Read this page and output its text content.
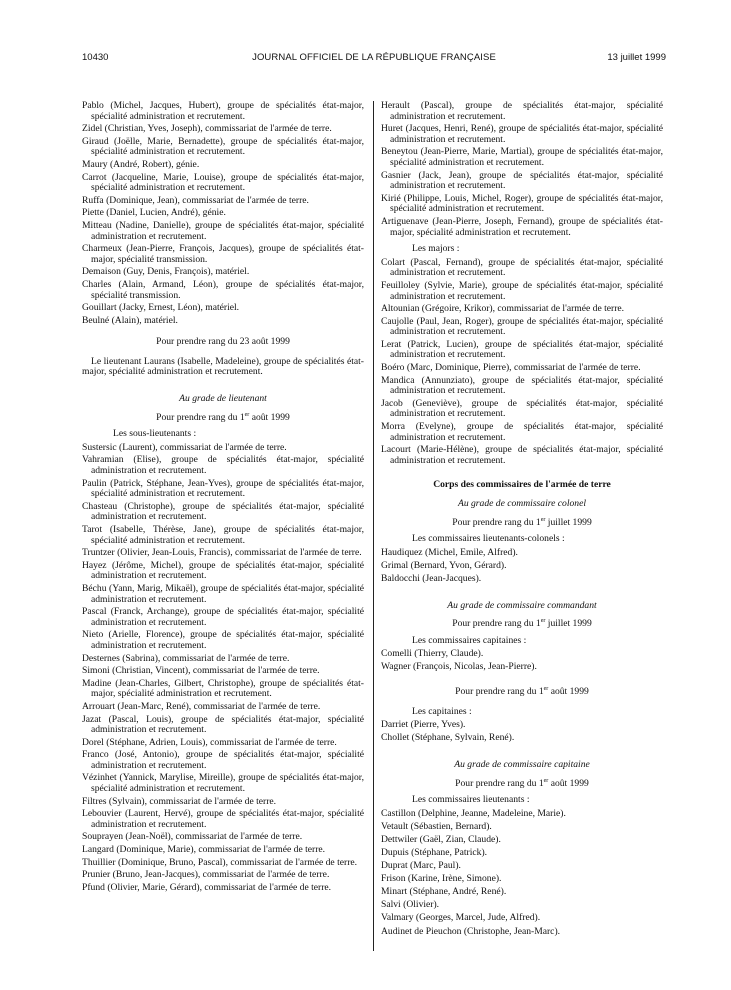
10430	JOURNAL OFFICIEL DE LA RÉPUBLIQUE FRANÇAISE	13 juillet 1999

Pablo (Michel, Jacques, Hubert), groupe de spécialités état-major, spécialité administration et recrutement.

Zidel (Christian, Yves, Joseph), commissariat de l'armée de terre.

Giraud (Joëlle, Marie, Bernadette), groupe de spécialités état-major, spécialité administration et recrutement.

Maury (André, Robert), génie.

Carrot (Jacqueline, Marie, Louise), groupe de spécialités état-major, spécialité administration et recrutement.

Ruffa (Dominique, Jean), commissariat de l'armée de terre.

Piette (Daniel, Lucien, André), génie.

Mitteau (Nadine, Danielle), groupe de spécialités état-major, spécialité administration et recrutement.

Charmeux (Jean-Pierre, François, Jacques), groupe de spécialités état-major, spécialité transmission.

Demaison (Guy, Denis, François), matériel.

Charles (Alain, Armand, Léon), groupe de spécialités état-major, spécialité transmission.

Gouillart (Jacky, Ernest, Léon), matériel.

Beulné (Alain), matériel.

Pour prendre rang du 23 août 1999

Le lieutenant Laurans (Isabelle, Madeleine), groupe de spécialités état-major, spécialité administration et recrutement.

Au grade de lieutenant

Pour prendre rang du 1er août 1999

Les sous-lieutenants :

Sustersic (Laurent), commissariat de l'armée de terre.

Vahramian (Elise), groupe de spécialités état-major, spécialité administration et recrutement.

Paulin (Patrick, Stéphane, Jean-Yves), groupe de spécialités état-major, spécialité administration et recrutement.

Chasteau (Christophe), groupe de spécialités état-major, spécialité administration et recrutement.

Tarot (Isabelle, Thérèse, Jane), groupe de spécialités état-major, spécialité administration et recrutement.

Truntzer (Olivier, Jean-Louis, Francis), commissariat de l'armée de terre.

Hayez (Jérôme, Michel), groupe de spécialités état-major, spécialité administration et recrutement.

Béchu (Yann, Marig, Mikaël), groupe de spécialités état-major, spécialité administration et recrutement.

Pascal (Franck, Archange), groupe de spécialités état-major, spécialité administration et recrutement.

Nieto (Arielle, Florence), groupe de spécialités état-major, spécialité administration et recrutement.

Desternes (Sabrina), commissariat de l'armée de terre.

Simoni (Christian, Vincent), commissariat de l'armée de terre.

Madine (Jean-Charles, Gilbert, Christophe), groupe de spécialités état-major, spécialité administration et recrutement.

Arrouart (Jean-Marc, René), commissariat de l'armée de terre.

Jazat (Pascal, Louis), groupe de spécialités état-major, spécialité administration et recrutement.

Dorel (Stéphane, Adrien, Louis), commissariat de l'armée de terre.

Franco (José, Antonio), groupe de spécialités état-major, spécialité administration et recrutement.

Vézinhet (Yannick, Marylise, Mireille), groupe de spécialités état-major, spécialité administration et recrutement.

Filtres (Sylvain), commissariat de l'armée de terre.

Lebouvier (Laurent, Hervé), groupe de spécialités état-major, spécialité administration et recrutement.

Souprayen (Jean-Noël), commissariat de l'armée de terre.

Langard (Dominique, Marie), commissariat de l'armée de terre.

Thuillier (Dominique, Bruno, Pascal), commissariat de l'armée de terre.

Prunier (Bruno, Jean-Jacques), commissariat de l'armée de terre.

Pfund (Olivier, Marie, Gérard), commissariat de l'armée de terre.

Herault (Pascal), groupe de spécialités état-major, spécialité administration et recrutement.

Huret (Jacques, Henri, René), groupe de spécialités état-major, spécialité administration et recrutement.

Beneytou (Jean-Pierre, Marie, Martial), groupe de spécialités état-major, spécialité administration et recrutement.

Gasnier (Jack, Jean), groupe de spécialités état-major, spécialité administration et recrutement.

Kirié (Philippe, Louis, Michel, Roger), groupe de spécialités état-major, spécialité administration et recrutement.

Artiguenave (Jean-Pierre, Joseph, Fernand), groupe de spécialités état-major, spécialité administration et recrutement.

Les majors :

Colart (Pascal, Fernand), groupe de spécialités état-major, spécialité administration et recrutement.

Feuilloley (Sylvie, Marie), groupe de spécialités état-major, spécialité administration et recrutement.

Altounian (Grégoire, Krikor), commissariat de l'armée de terre.

Caujolle (Paul, Jean, Roger), groupe de spécialités état-major, spécialité administration et recrutement.

Lerat (Patrick, Lucien), groupe de spécialités état-major, spécialité administration et recrutement.

Boéro (Marc, Dominique, Pierre), commissariat de l'armée de terre.

Mandica (Annunziato), groupe de spécialités état-major, spécialité administration et recrutement.

Jacob (Geneviève), groupe de spécialités état-major, spécialité administration et recrutement.

Morra (Evelyne), groupe de spécialités état-major, spécialité administration et recrutement.

Lacourt (Marie-Hélène), groupe de spécialités état-major, spécialité administration et recrutement.

Corps des commissaires de l'armée de terre

Au grade de commissaire colonel

Pour prendre rang du 1er juillet 1999

Les commissaires lieutenants-colonels :

Haudiquez (Michel, Emile, Alfred).

Grimal (Bernard, Yvon, Gérard).

Baldocchi (Jean-Jacques).

Au grade de commissaire commandant

Pour prendre rang du 1er juillet 1999

Les commissaires capitaines :

Comelli (Thierry, Claude).

Wagner (François, Nicolas, Jean-Pierre).

Pour prendre rang du 1er août 1999

Les capitaines :

Darriet (Pierre, Yves).

Chollet (Stéphane, Sylvain, René).

Au grade de commissaire capitaine

Pour prendre rang du 1er août 1999

Les commissaires lieutenants :

Castillon (Delphine, Jeanne, Madeleine, Marie).

Vetault (Sébastien, Bernard).

Dettwiler (Gaël, Zian, Claude).

Dupuis (Stéphane, Patrick).

Duprat (Marc, Paul).

Frison (Karine, Irène, Simone).

Minart (Stéphane, André, René).

Salvi (Olivier).

Valmary (Georges, Marcel, Jude, Alfred).

Audinet de Pieuchon (Christophe, Jean-Marc).
